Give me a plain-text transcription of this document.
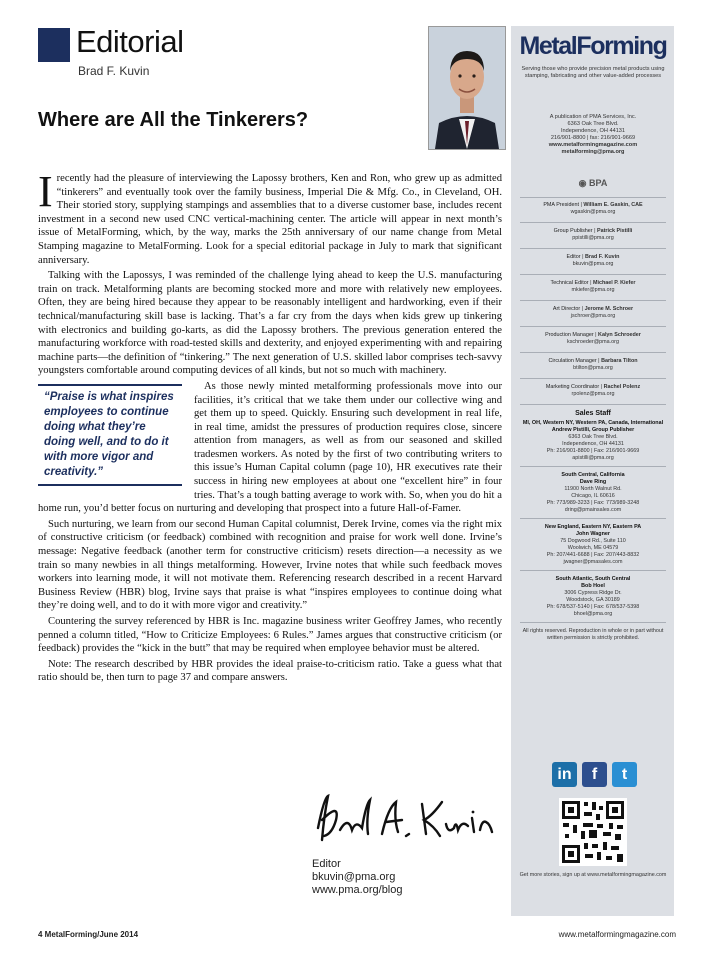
Editorial
Brad F. Kuvin
Where are All the Tinkerers?

Irecently had the pleasure of interviewing the Lapossy brothers, Ken and Ron, who grew up as admitted “tinkerers” and eventually took over the family business, Imperial Die & Mfg. Co., in Cleveland, OH. Their storied story, supplying stampings and assemblies that to a diverse customer base, includes recent investment in a second new used CNC vertical-machining center. The article will appear in next month’s issue of MetalForming, which, by the way, marks the 25th anniversary of our name change from Metal Stamping magazine to MetalForming. Look for a special editorial package in July to mark that significant anniversary.

Talking with the Lapossys, I was reminded of the challenge lying ahead to keep the U.S. manufacturing train on track. Metalforming plants are becoming stocked more and more with relatively new employees. Often, they are being hired because they appear to be reasonably intelligent and hardworking, even if their technical/manufacturing skill base is lacking. That’s a far cry from the days when kids grew up tinkering with electronics and building go-karts, as did the Lapossy brothers. The previous generation entered the manufacturing workforce with road-tested skills and dexterity, and enjoyed experimenting with and repairing machine parts—the definition of “tinkering.” The next generation of U.S. skilled labor comprises tech-savvy youngsters comfortable around computing devices of all kinds, but not so much with machinery.

“Praise is what inspires employees to continue doing what they’re doing well, and to do it with more vigor and creativity.”

As those newly minted metalforming professionals move into our facilities, it’s critical that we take them under our collective wing and get them up to speed. Quickly. Ensuring such development in real life, in real time, amidst the pressures of production requires close, sincere attention from managers, as well as from our seasoned and skilled tradesmen workers. As noted by the first of two contributing writers to this issue’s Human Capital column (page 10), HR executives rate their success in hiring new employees at about one “excellent hire” in four tries. That’s a tough batting average to work with. So, when you do hit a home run, you’d better focus on nurturing and developing that prospect into a future Hall-of-Famer.

Such nurturing, we learn from our second Human Capital columnist, Derek Irvine, comes via the right mix of constructive criticism (or feedback) combined with recognition and praise for work well done. Irvine’s message: Negative feedback (another term for constructive criticism) resets direction—a necessity as we train so many newbies in all things metalforming. However, Irvine notes that while such feedback moves workers into learning mode, it will not motivate them. Referencing research described in a recent Harvard Business Review (HBR) blog, Irvine says that praise is what “inspires employees to continue doing what they’re doing well, and to do it with more vigor and creativity.”

Countering the survey referenced by HBR is Inc. magazine business writer Geoffrey James, who recently penned a column titled, “How to Criticize Employees: 6 Rules.” James argues that constructive criticism (or feedback) provides the “kick in the butt” that may be required when employee behavior must be altered.

Note: The research described by HBR provides the ideal praise-to-criticism ratio. Take a guess what that ratio should be, then turn to page 37 and compare answers.

Editor
bkuvin@pma.org
www.pma.org/blog
4 MetalForming/June 2014	www.metalformingmagazine.com
MetalForming
Serving those who provide precision metal products using stamping, fabricating and other value-added processes
A publication of PMA Services, Inc.
6363 Oak Tree Blvd.
Independence, OH 44131
216/901-8800 | fax: 216/901-9669
www.metalformingmagazine.com
metalforming@pma.org
◉ BPA
PMA President | William E. Gaskin, CAE
wgaskin@pma.org
Group Publisher | Patrick Pistilli
ppistilli@pma.org
Editor | Brad F. Kuvin
bkuvin@pma.org
Technical Editor | Michael P. Kiefer
mkiefer@pma.org
Art Director | Jerome M. Schroer
jschroer@pma.org
Production Manager | Kalyn Schroeder
kschroeder@pma.org
Circulation Manager | Barbara Tilton
btilton@pma.org
Marketing Coordinator | Rachel Polenz
rpolenz@pma.org
Sales Staff
MI, OH, Western NY, Western PA, Canada, International
Andrew Pistilli, Group Publisher
6363 Oak Tree Blvd.
Independence, OH 44131
Ph: 216/901-8800 | Fax: 216/901-9669
apistilli@pma.org
South Central, California
Dave Ring
11900 North Walnut Rd.
Chicago, IL 60616
Ph: 773/989-3233 | Fax: 773/989-3248
dring@pmainsales.com
New England, Eastern NY, Eastern PA
John Wagner
75 Dogwood Rd., Suite 110
Woolwich, ME 04579
Ph: 207/441-6688 | Fax: 207/443-8832
jwagner@pmasales.com
South Atlantic, South Central
Bob Hoel
3006 Cypress Ridge Dr.
Woodstock, GA 30189
Ph: 678/537-5140 | Fax: 678/537-5398
bhoel@pma.org
All rights reserved. Reproduction in whole or in part without written permission is strictly prohibited.
in	f	t
Get more stories, sign up at www.metalformingmagazine.com
